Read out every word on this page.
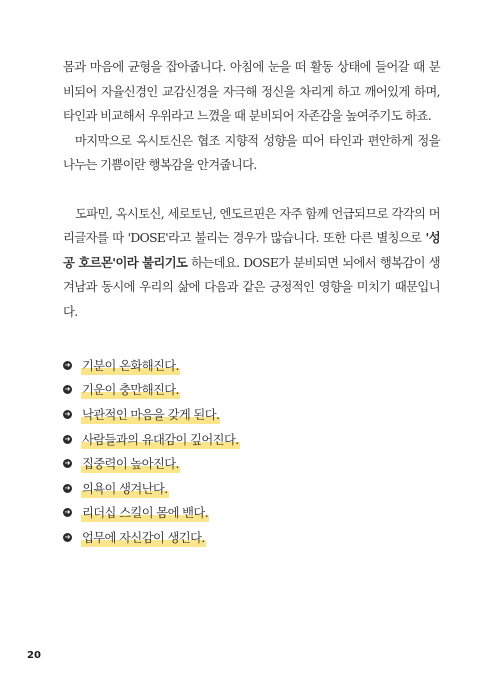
몸과 마음에 균형을 잡아줍니다. 아침에 눈을 떠 활동 상태에 들어갈 때 분비되어 자율신경인 교감신경을 자극해 정신을 차리게 하고 깨어있게 하며, 타인과 비교해서 우위라고 느꼈을 때 분비되어 자존감을 높여주기도 하죠.

마지막으로 옥시토신은 협조 지향적 성향을 띠어 타인과 편안하게 정을 나누는 기쁨이란 행복감을 안겨줍니다.

도파민, 옥시토신, 세로토닌, 엔도르핀은 자주 함께 언급되므로 각각의 머리글자를 따 'DOSE'라고 불리는 경우가 많습니다. 또한 다른 별칭으로 '성공 호르몬'이라 불리기도 하는데요. DOSE가 분비되면 뇌에서 행복감이 생겨남과 동시에 우리의 삶에 다음과 같은 긍정적인 영향을 미치기 때문입니다.

➜ 기분이 온화해진다.
➜ 기운이 충만해진다.
➜ 낙관적인 마음을 갖게 된다.
➜ 사람들과의 유대감이 깊어진다.
➜ 집중력이 높아진다.
➜ 의욕이 생겨난다.
➜ 리더십 스킬이 몸에 밴다.
➜ 업무에 자신감이 생긴다.
20
